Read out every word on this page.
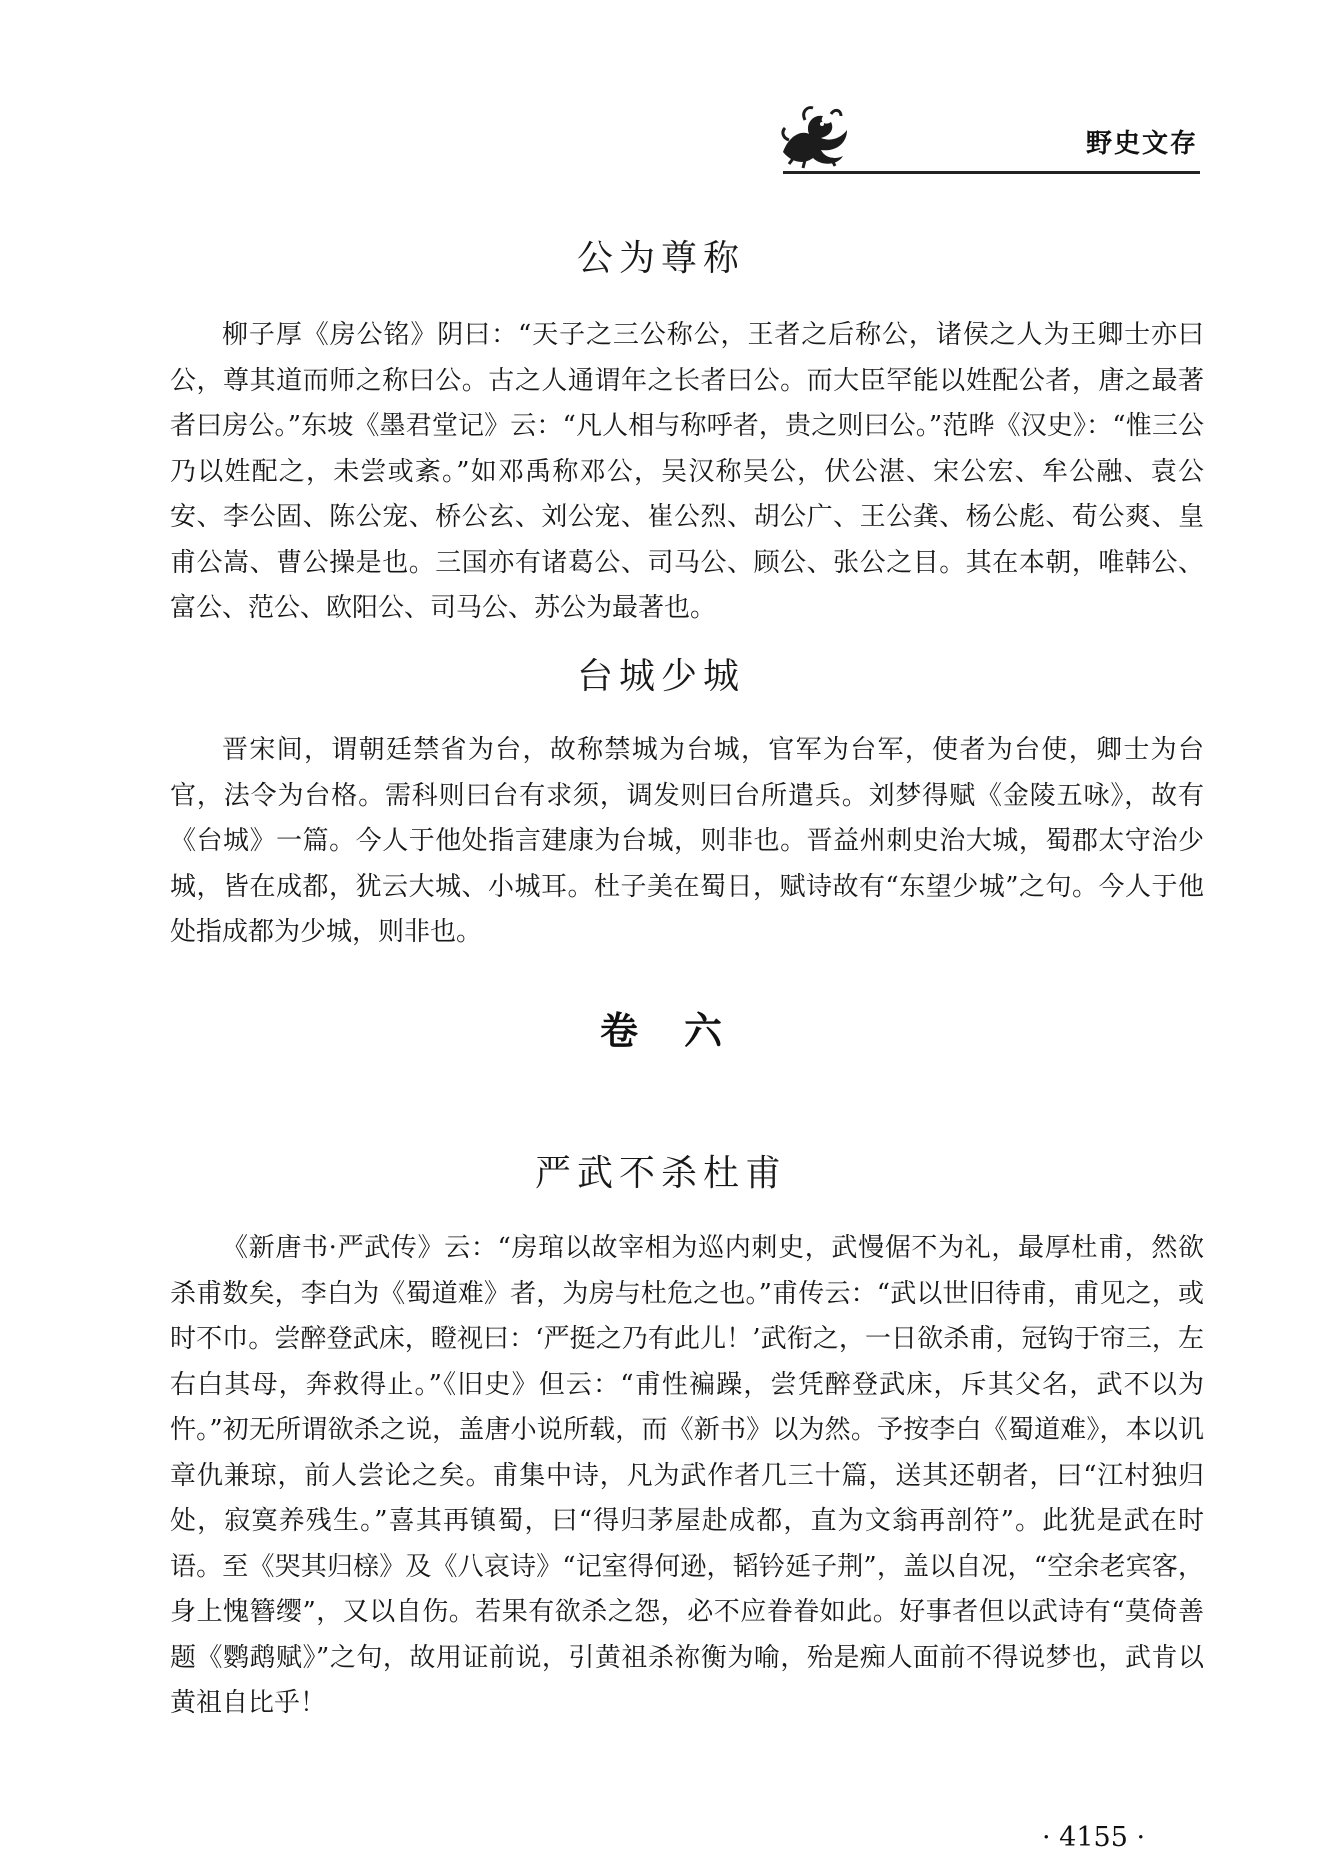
野史文存
公为尊称

柳子厚《房公铭》阴曰：“天子之三公称公，王者之后称公，诸侯之人为王卿士亦曰公，尊其道而师之称曰公。古之人通谓年之长者曰公。而大臣罕能以姓配公者，唐之最著者曰房公。”东坡《墨君堂记》云：“凡人相与称呼者，贵之则曰公。”范晔《汉史》：“惟三公乃以姓配之，未尝或紊。”如邓禹称邓公，吴汉称吴公，伏公湛、宋公宏、牟公融、袁公安、李公固、陈公宠、桥公玄、刘公宠、崔公烈、胡公广、王公龚、杨公彪、荀公爽、皇甫公嵩、曹公操是也。三国亦有诸葛公、司马公、顾公、张公之目。其在本朝，唯韩公、富公、范公、欧阳公、司马公、苏公为最著也。

台城少城

晋宋间，谓朝廷禁省为台，故称禁城为台城，官军为台军，使者为台使，卿士为台官，法令为台格。需科则曰台有求须，调发则曰台所遣兵。刘梦得赋《金陵五咏》，故有《台城》一篇。今人于他处指言建康为台城，则非也。晋益州刺史治大城，蜀郡太守治少城，皆在成都，犹云大城、小城耳。杜子美在蜀日，赋诗故有“东望少城”之句。今人于他处指成都为少城，则非也。

卷六
严武不杀杜甫

《新唐书·严武传》云：“房琯以故宰相为巡内刺史，武慢倨不为礼，最厚杜甫，然欲杀甫数矣，李白为《蜀道难》者，为房与杜危之也。”甫传云：“武以世旧待甫，甫见之，或时不巾。尝醉登武床，瞪视曰：‘严挺之乃有此儿！’武衔之，一日欲杀甫，冠钩于帘三，左右白其母，奔救得止。”《旧史》但云：“甫性褊躁，尝凭醉登武床，斥其父名，武不以为忤。”初无所谓欲杀之说，盖唐小说所载，而《新书》以为然。予按李白《蜀道难》，本以讥章仇兼琼，前人尝论之矣。甫集中诗，凡为武作者几三十篇，送其还朝者，曰“江村独归处，寂寞养残生。”喜其再镇蜀，曰“得归茅屋赴成都，直为文翁再剖符”。此犹是武在时语。至《哭其归榇》及《八哀诗》“记室得何逊，韬钤延子荆”，盖以自况，“空余老宾客，身上愧簪缨”，又以自伤。若果有欲杀之怨，必不应眷眷如此。好事者但以武诗有“莫倚善题《鹦鹉赋》”之句，故用证前说，引黄祖杀祢衡为喻，殆是痴人面前不得说梦也，武肯以黄祖自比乎！

· 4155 ·
